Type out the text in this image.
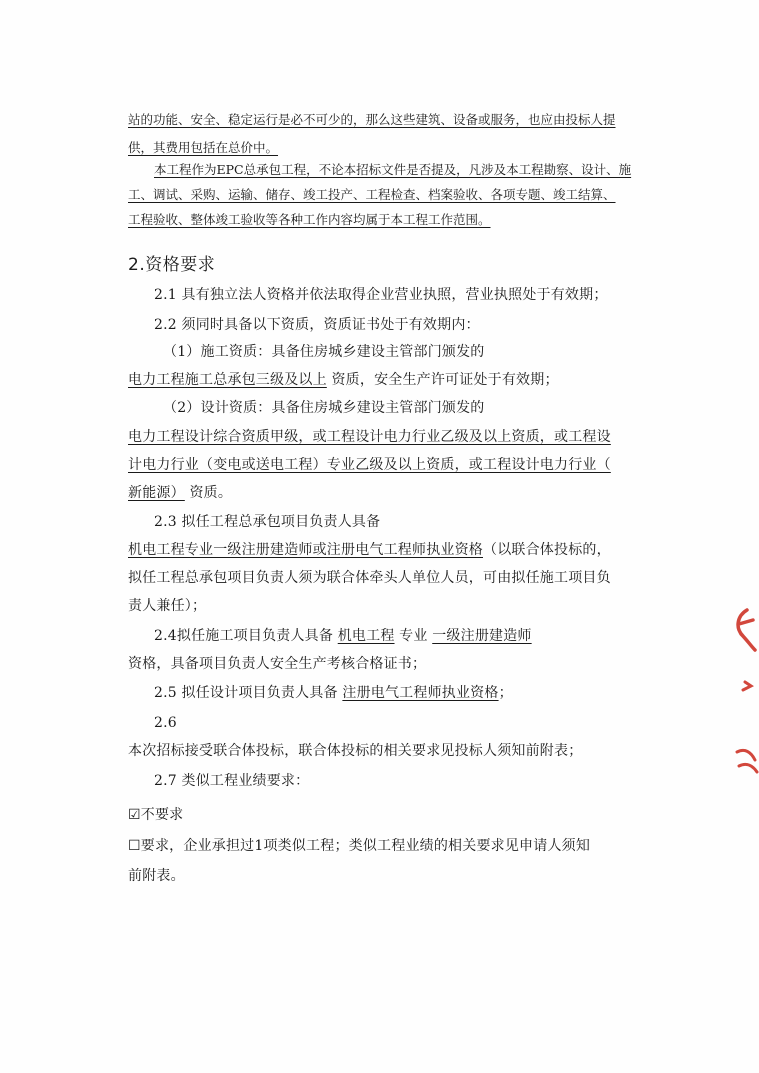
站的功能、安全、稳定运行是必不可少的，那么这些建筑、设备或服务，也应由投标人提
供，其费用包括在总价中。
本工程作为EPC总承包工程，不论本招标文件是否提及，凡涉及本工程勘察、设计、施
工、调试、采购、运输、储存、竣工投产、工程检查、档案验收、各项专题、竣工结算、
工程验收、整体竣工验收等各种工作内容均属于本工程工作范围。
2.资格要求
2.1 具有独立法人资格并依法取得企业营业执照，营业执照处于有效期；
2.2 须同时具备以下资质，资质证书处于有效期内：
（1）施工资质：具备住房城乡建设主管部门颁发的
电力工程施工总承包三级及以上 资质，安全生产许可证处于有效期；
（2）设计资质：具备住房城乡建设主管部门颁发的
电力工程设计综合资质甲级，或工程设计电力行业乙级及以上资质，或工程设
计电力行业（变电或送电工程）专业乙级及以上资质，或工程设计电力行业（
新能源） 资质。
2.3 拟任工程总承包项目负责人具备
机电工程专业一级注册建造师或注册电气工程师执业资格（以联合体投标的，
拟任工程总承包项目负责人须为联合体牵头人单位人员，可由拟任施工项目负
责人兼任）；
2.4拟任施工项目负责人具备 机电工程 专业 一级注册建造师
资格，具备项目负责人安全生产考核合格证书；
2.5 拟任设计项目负责人具备 注册电气工程师执业资格；
2.6
本次招标接受联合体投标，联合体投标的相关要求见投标人须知前附表；
2.7 类似工程业绩要求：
☑不要求
☐要求，企业承担过1项类似工程；类似工程业绩的相关要求见申请人须知
前附表。
